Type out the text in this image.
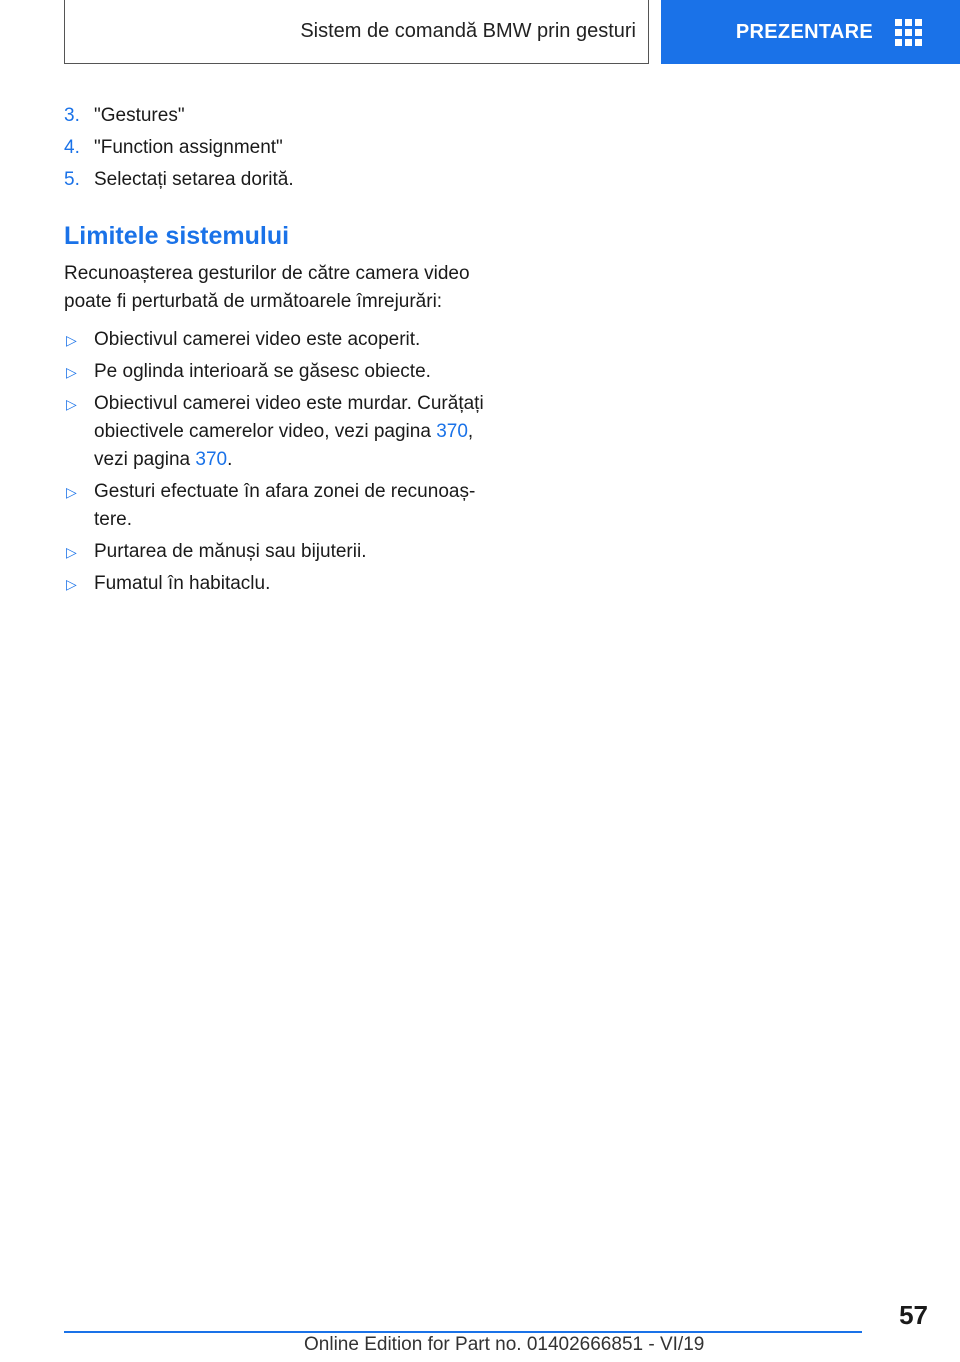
Sistem de comandă BMW prin gesturi	PREZENTARE
3. "Gestures"
4. "Function assignment"
5. Selectați setarea dorită.
Limitele sistemului

Recunoașterea gesturilor de către camera video poate fi perturbată de următoarele îmrejurări:

▷ Obiectivul camerei video este acoperit.
▷ Pe oglinda interioară se găsesc obiecte.
▷ Obiectivul camerei video este murdar. Curățați obiectivele camerelor video, vezi pagina 370, vezi pagina 370.
▷ Gesturi efectuate în afara zonei de recunoaștere.
▷ Purtarea de mănuși sau bijuterii.
▷ Fumatul în habitaclu.
57
Online Edition for Part no. 01402666851 - VI/19
